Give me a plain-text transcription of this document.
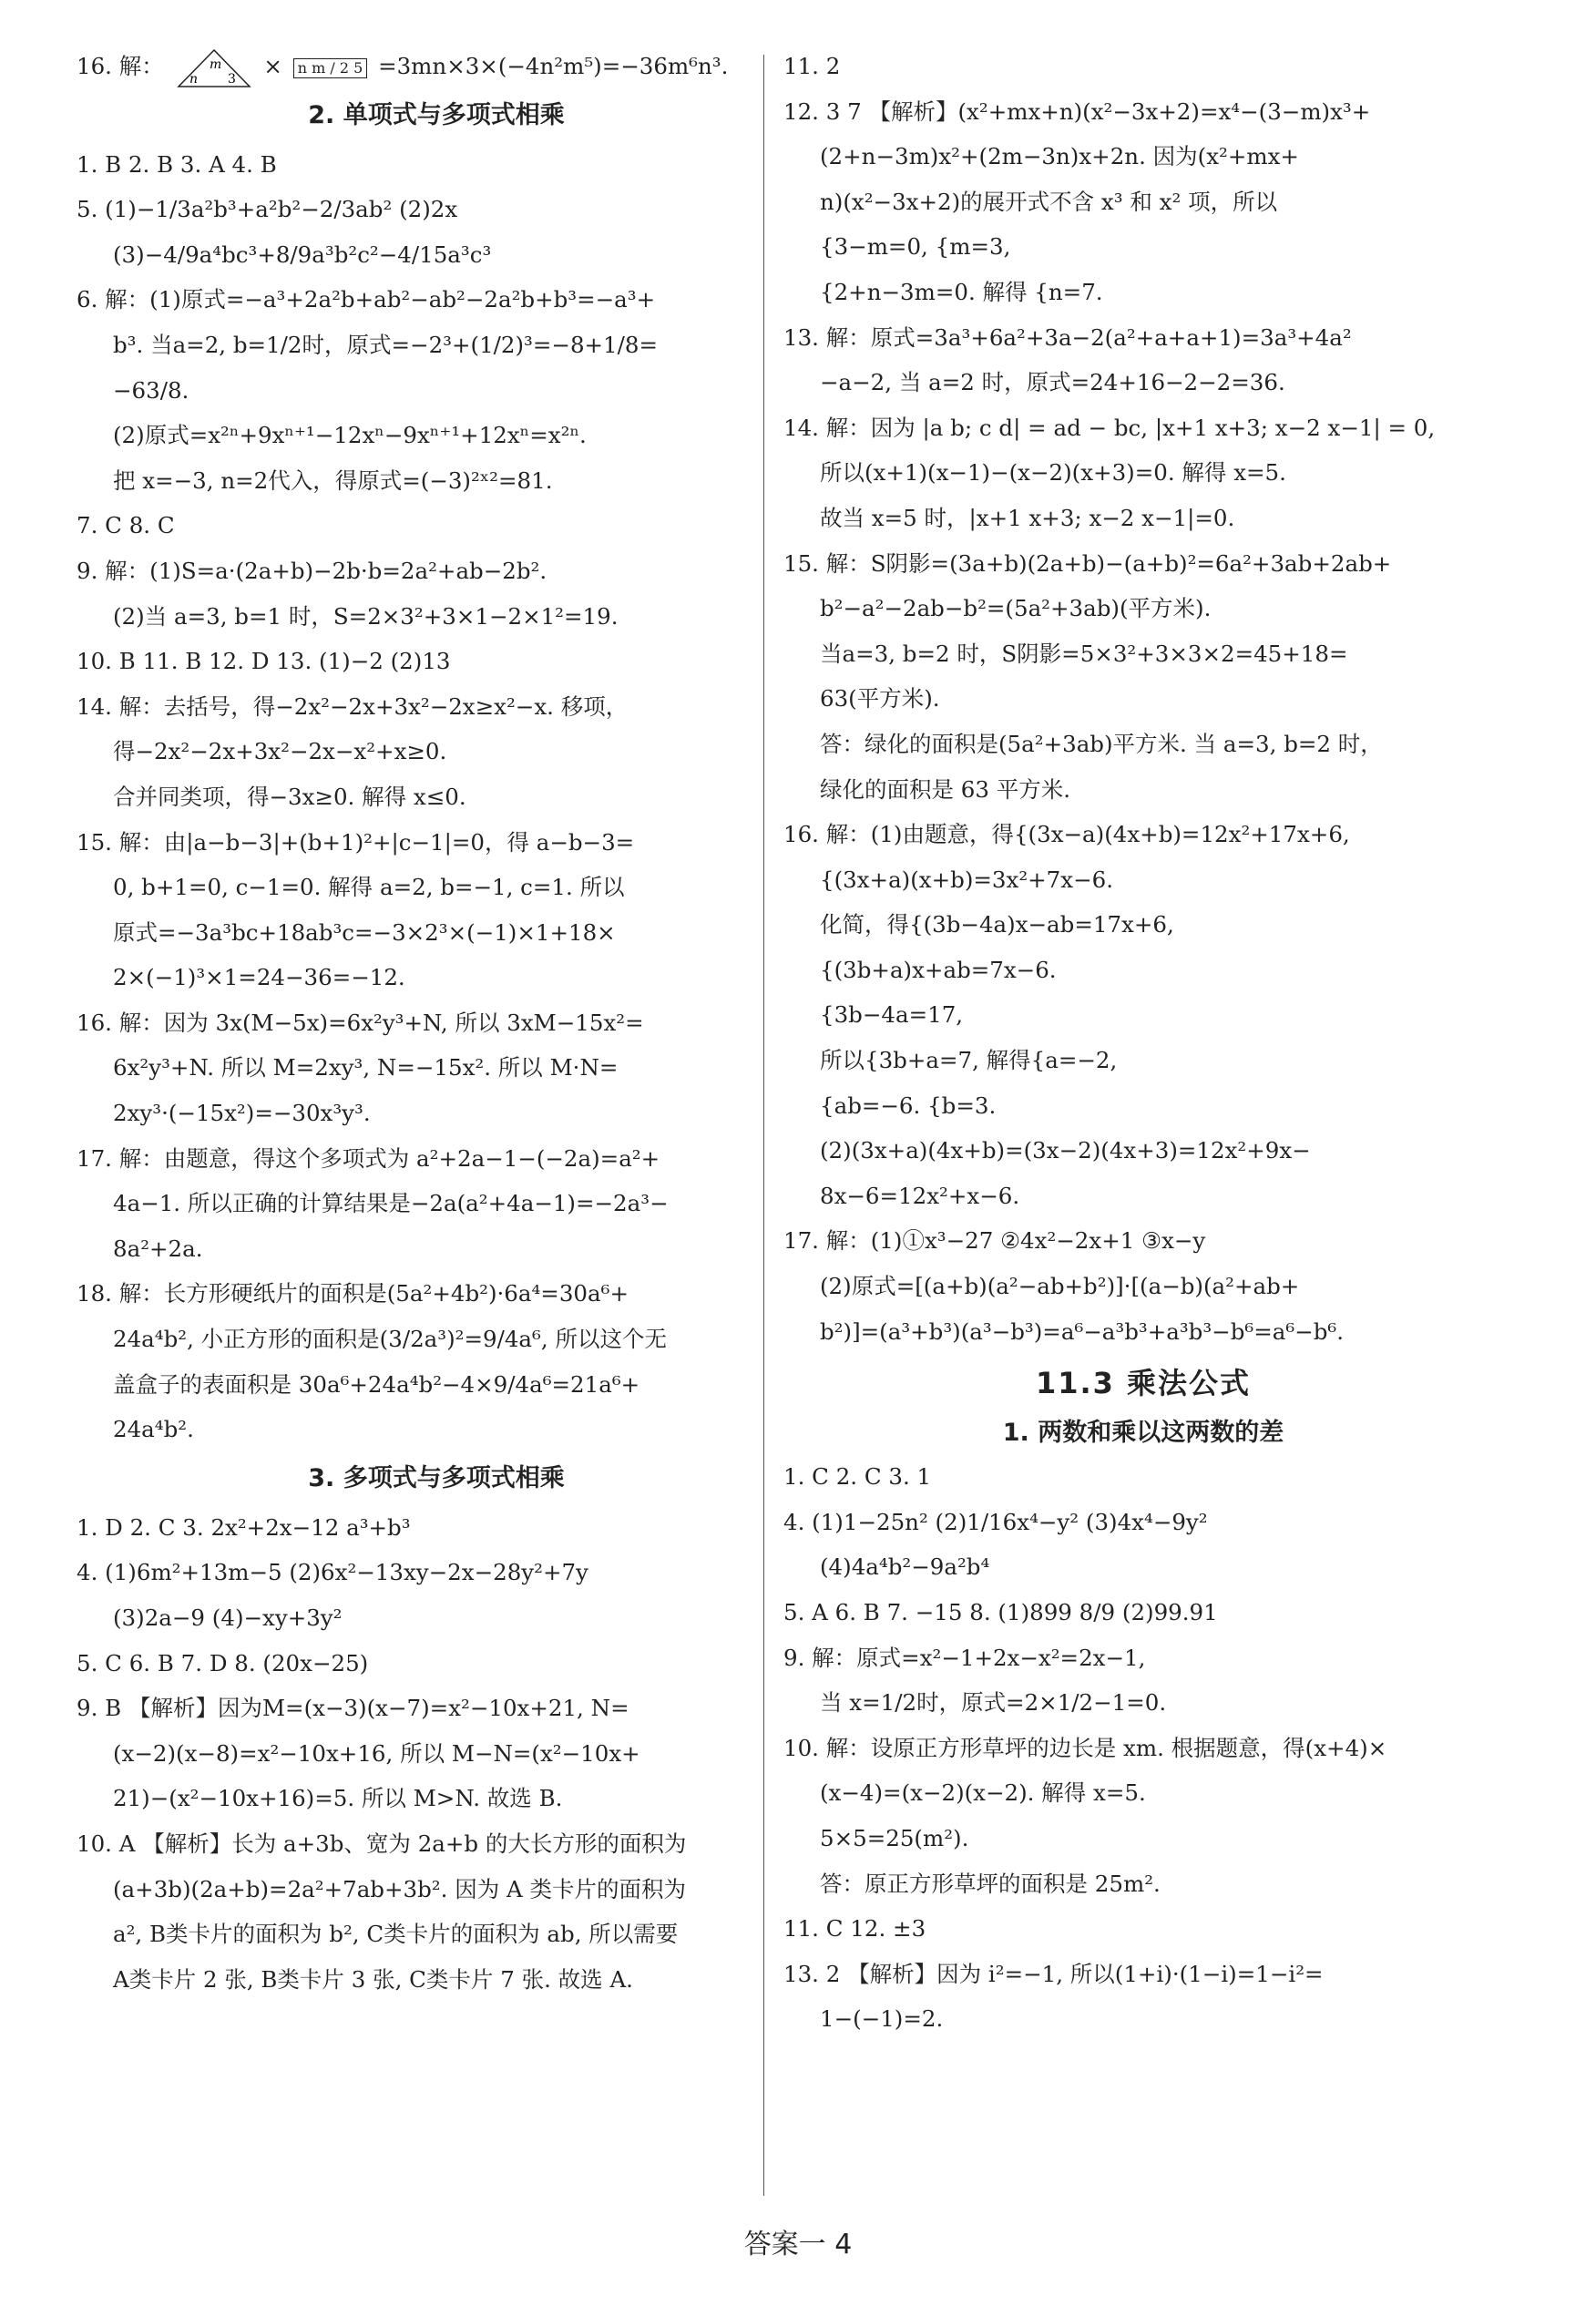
16. 解：	m
n 3 × n m / 2 5 =3mn×3×(−4n²m⁵)=−36m⁶n³.
2. 单项式与多项式相乘
1. B 2. B 3. A 4. B
5. (1)−1/3a²b³+a²b²−2/3ab² (2)2x
(3)−4/9a⁴bc³+8/9a³b²c²−4/15a³c³
6. 解：(1)原式=−a³+2a²b+ab²−ab²−2a²b+b³=−a³+
b³. 当a=2, b=1/2时，原式=−2³+(1/2)³=−8+1/8=
−63/8.
(2)原式=x²ⁿ+9xⁿ⁺¹−12xⁿ−9xⁿ⁺¹+12xⁿ=x²ⁿ.
把 x=−3, n=2代入，得原式=(−3)²ˣ²=81.
7. C 8. C
9. 解：(1)S=a·(2a+b)−2b·b=2a²+ab−2b².
(2)当 a=3, b=1 时，S=2×3²+3×1−2×1²=19.
10. B 11. B 12. D 13. (1)−2 (2)13
14. 解：去括号，得−2x²−2x+3x²−2x≥x²−x. 移项，
得−2x²−2x+3x²−2x−x²+x≥0.
合并同类项，得−3x≥0. 解得 x≤0.
15. 解：由|a−b−3|+(b+1)²+|c−1|=0，得 a−b−3=
0, b+1=0, c−1=0. 解得 a=2, b=−1, c=1. 所以
原式=−3a³bc+18ab³c=−3×2³×(−1)×1+18×
2×(−1)³×1=24−36=−12.
16. 解：因为 3x(M−5x)=6x²y³+N, 所以 3xM−15x²=
6x²y³+N. 所以 M=2xy³, N=−15x². 所以 M·N=
2xy³·(−15x²)=−30x³y³.
17. 解：由题意，得这个多项式为 a²+2a−1−(−2a)=a²+
4a−1. 所以正确的计算结果是−2a(a²+4a−1)=−2a³−
8a²+2a.
18. 解：长方形硬纸片的面积是(5a²+4b²)·6a⁴=30a⁶+
24a⁴b², 小正方形的面积是(3/2a³)²=9/4a⁶, 所以这个无
盖盒子的表面积是 30a⁶+24a⁴b²−4×9/4a⁶=21a⁶+
24a⁴b².
3. 多项式与多项式相乘
1. D 2. C 3. 2x²+2x−12 a³+b³
4. (1)6m²+13m−5 (2)6x²−13xy−2x−28y²+7y
(3)2a−9 (4)−xy+3y²
5. C 6. B 7. D 8. (20x−25)
9. B 【解析】因为M=(x−3)(x−7)=x²−10x+21, N=
(x−2)(x−8)=x²−10x+16, 所以 M−N=(x²−10x+
21)−(x²−10x+16)=5. 所以 M>N. 故选 B.
10. A 【解析】长为 a+3b、宽为 2a+b 的大长方形的面积为
(a+3b)(2a+b)=2a²+7ab+3b². 因为 A 类卡片的面积为
a², B类卡片的面积为 b², C类卡片的面积为 ab, 所以需要
A类卡片 2 张, B类卡片 3 张, C类卡片 7 张. 故选 A.
11. 2
12. 3 7 【解析】(x²+mx+n)(x²−3x+2)=x⁴−(3−m)x³+
(2+n−3m)x²+(2m−3n)x+2n. 因为(x²+mx+
n)(x²−3x+2)的展开式不含 x³ 和 x² 项，所以
{3−m=0, {m=3,
{2+n−3m=0. 解得 {n=7.
13. 解：原式=3a³+6a²+3a−2(a²+a+a+1)=3a³+4a²
−a−2, 当 a=2 时，原式=24+16−2−2=36.
14. 解：因为 |a b; c d| = ad − bc, |x+1 x+3; x−2 x−1| = 0,
所以(x+1)(x−1)−(x−2)(x+3)=0. 解得 x=5.
故当 x=5 时，|x+1 x+3; x−2 x−1|=0.
15. 解：S阴影=(3a+b)(2a+b)−(a+b)²=6a²+3ab+2ab+
b²−a²−2ab−b²=(5a²+3ab)(平方米).
当a=3, b=2 时，S阴影=5×3²+3×3×2=45+18=
63(平方米).
答：绿化的面积是(5a²+3ab)平方米. 当 a=3, b=2 时，
绿化的面积是 63 平方米.
16. 解：(1)由题意，得{(3x−a)(4x+b)=12x²+17x+6,
{(3x+a)(x+b)=3x²+7x−6.
化简，得{(3b−4a)x−ab=17x+6,
{(3b+a)x+ab=7x−6.
{3b−4a=17,
所以{3b+a=7, 解得{a=−2,
{ab=−6. {b=3.
(2)(3x+a)(4x+b)=(3x−2)(4x+3)=12x²+9x−
8x−6=12x²+x−6.
17. 解：(1)①x³−27 ②4x²−2x+1 ③x−y
(2)原式=[(a+b)(a²−ab+b²)]·[(a−b)(a²+ab+
b²)]=(a³+b³)(a³−b³)=a⁶−a³b³+a³b³−b⁶=a⁶−b⁶.
11.3 乘法公式
1. 两数和乘以这两数的差
1. C 2. C 3. 1
4. (1)1−25n² (2)1/16x⁴−y² (3)4x⁴−9y²
(4)4a⁴b²−9a²b⁴
5. A 6. B 7. −15 8. (1)899 8/9 (2)99.91
9. 解：原式=x²−1+2x−x²=2x−1,
当 x=1/2时，原式=2×1/2−1=0.
10. 解：设原正方形草坪的边长是 xm. 根据题意，得(x+4)×
(x−4)=(x−2)(x−2). 解得 x=5.
5×5=25(m²).
答：原正方形草坪的面积是 25m².
11. C 12. ±3
13. 2 【解析】因为 i²=−1, 所以(1+i)·(1−i)=1−i²=
1−(−1)=2.
答案一 4
